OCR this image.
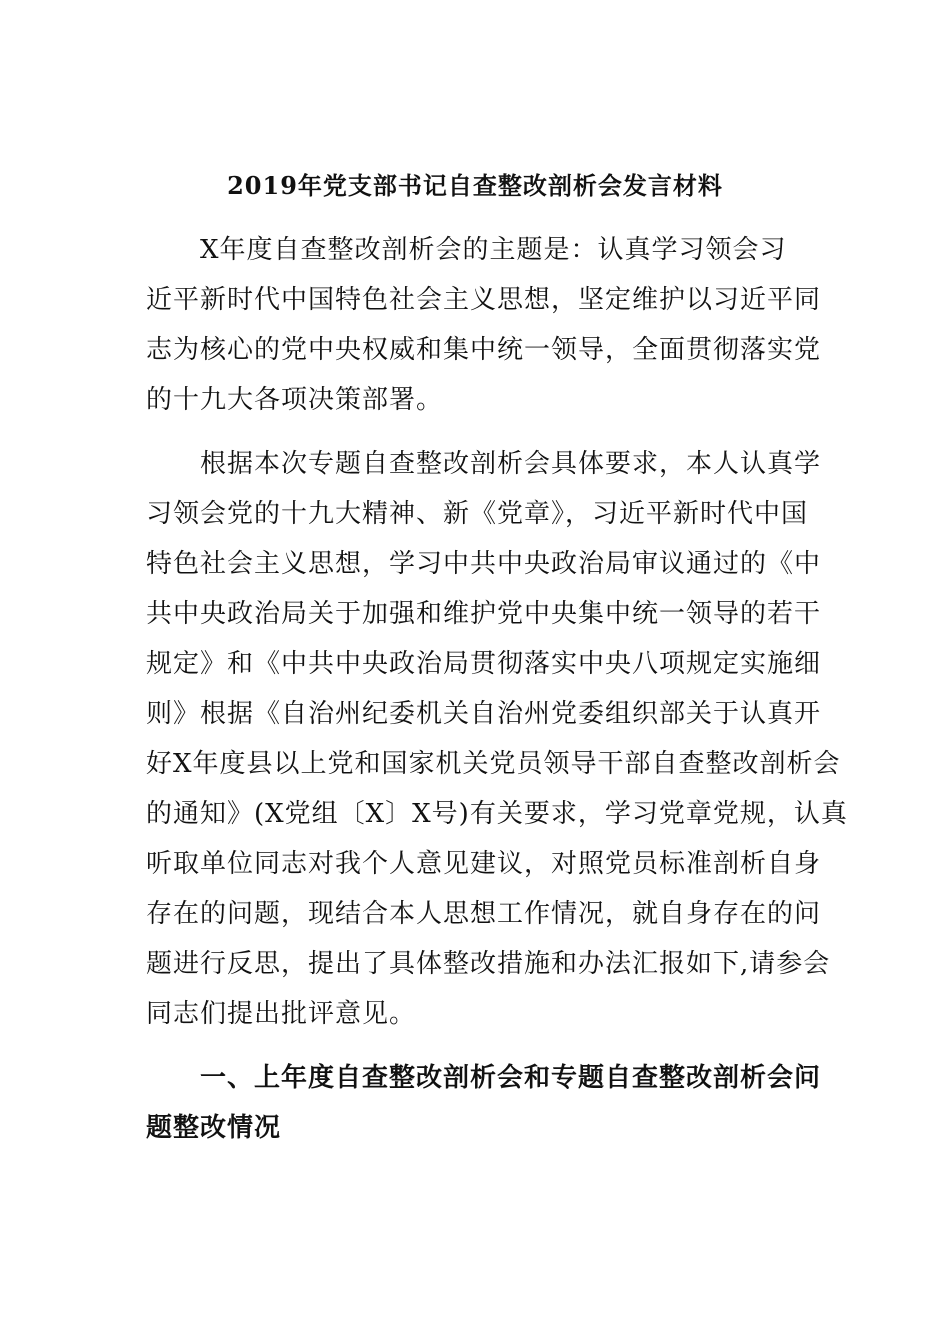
2019年党支部书记自查整改剖析会发言材料
　　X年度自查整改剖析会的主题是：认真学习领会习
近平新时代中国特色社会主义思想，坚定维护以习近平同
志为核心的党中央权威和集中统一领导，全面贯彻落实党
的十九大各项决策部署。
　　根据本次专题自查整改剖析会具体要求，本人认真学
习领会党的十九大精神、新《党章》，习近平新时代中国
特色社会主义思想，学习中共中央政治局审议通过的《中
共中央政治局关于加强和维护党中央集中统一领导的若干
规定》和《中共中央政治局贯彻落实中央八项规定实施细
则》根据《自治州纪委机关自治州党委组织部关于认真开
好X年度县以上党和国家机关党员领导干部自查整改剖析会
的通知》(X党组〔X〕X号)有关要求，学习党章党规，认真
听取单位同志对我个人意见建议，对照党员标准剖析自身
存在的问题，现结合本人思想工作情况，就自身存在的问
题进行反思，提出了具体整改措施和办法汇报如下,请参会
同志们提出批评意见。
　　一、上年度自查整改剖析会和专题自查整改剖析会问
题整改情况
